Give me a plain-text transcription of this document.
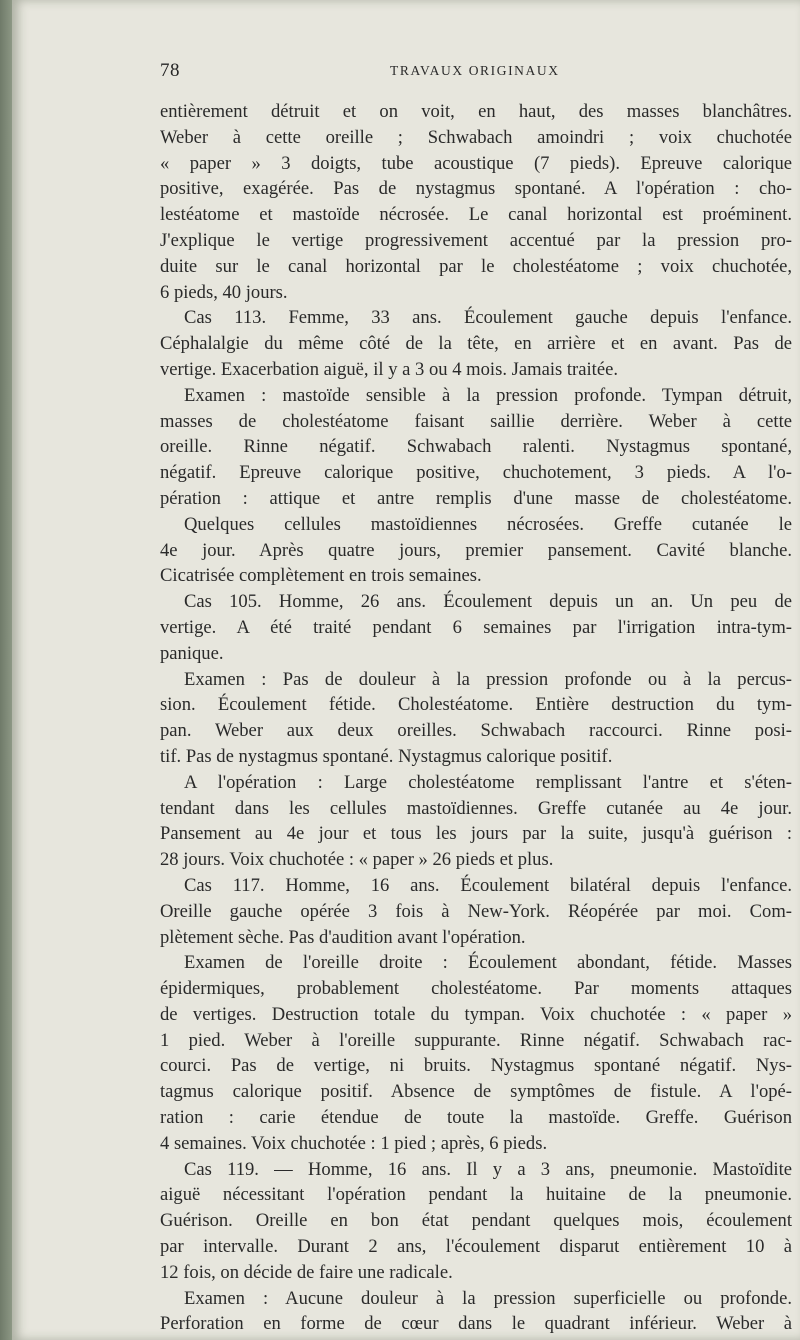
78	TRAVAUX ORIGINAUX
entièrement détruit et on voit, en haut, des masses blanchâtres.
Weber à cette oreille ; Schwabach amoindri ; voix chuchotée
« paper » 3 doigts, tube acoustique (7 pieds). Epreuve calorique
positive, exagérée. Pas de nystagmus spontané. A l'opération : cho-
lestéatome et mastoïde nécrosée. Le canal horizontal est proéminent.
J'explique le vertige progressivement accentué par la pression pro-
duite sur le canal horizontal par le cholestéatome ; voix chuchotée,
6 pieds, 40 jours.
Cas 113. Femme, 33 ans. Écoulement gauche depuis l'enfance.
Céphalalgie du même côté de la tête, en arrière et en avant. Pas de
vertige. Exacerbation aiguë, il y a 3 ou 4 mois. Jamais traitée.
Examen : mastoïde sensible à la pression profonde. Tympan détruit,
masses de cholestéatome faisant saillie derrière. Weber à cette
oreille. Rinne négatif. Schwabach ralenti. Nystagmus spontané,
négatif. Epreuve calorique positive, chuchotement, 3 pieds. A l'o-
pération : attique et antre remplis d'une masse de cholestéatome.
Quelques cellules mastoïdiennes nécrosées. Greffe cutanée le
4e jour. Après quatre jours, premier pansement. Cavité blanche.
Cicatrisée complètement en trois semaines.
Cas 105. Homme, 26 ans. Écoulement depuis un an. Un peu de
vertige. A été traité pendant 6 semaines par l'irrigation intra-tym-
panique.
Examen : Pas de douleur à la pression profonde ou à la percus-
sion. Écoulement fétide. Cholestéatome. Entière destruction du tym-
pan. Weber aux deux oreilles. Schwabach raccourci. Rinne posi-
tif. Pas de nystagmus spontané. Nystagmus calorique positif.
A l'opération : Large cholestéatome remplissant l'antre et s'éten-
tendant dans les cellules mastoïdiennes. Greffe cutanée au 4e jour.
Pansement au 4e jour et tous les jours par la suite, jusqu'à guérison :
28 jours. Voix chuchotée : « paper » 26 pieds et plus.
Cas 117. Homme, 16 ans. Écoulement bilatéral depuis l'enfance.
Oreille gauche opérée 3 fois à New-York. Réopérée par moi. Com-
plètement sèche. Pas d'audition avant l'opération.
Examen de l'oreille droite : Écoulement abondant, fétide. Masses
épidermiques, probablement cholestéatome. Par moments attaques
de vertiges. Destruction totale du tympan. Voix chuchotée : « paper »
1 pied. Weber à l'oreille suppurante. Rinne négatif. Schwabach rac-
courci. Pas de vertige, ni bruits. Nystagmus spontané négatif. Nys-
tagmus calorique positif. Absence de symptômes de fistule. A l'opé-
ration : carie étendue de toute la mastoïde. Greffe. Guérison
4 semaines. Voix chuchotée : 1 pied ; après, 6 pieds.
Cas 119. — Homme, 16 ans. Il y a 3 ans, pneumonie. Mastoïdite
aiguë nécessitant l'opération pendant la huitaine de la pneumonie.
Guérison. Oreille en bon état pendant quelques mois, écoulement
par intervalle. Durant 2 ans, l'écoulement disparut entièrement 10 à
12 fois, on décide de faire une radicale.
Examen : Aucune douleur à la pression superficielle ou profonde.
Perforation en forme de cœur dans le quadrant inférieur. Weber à
